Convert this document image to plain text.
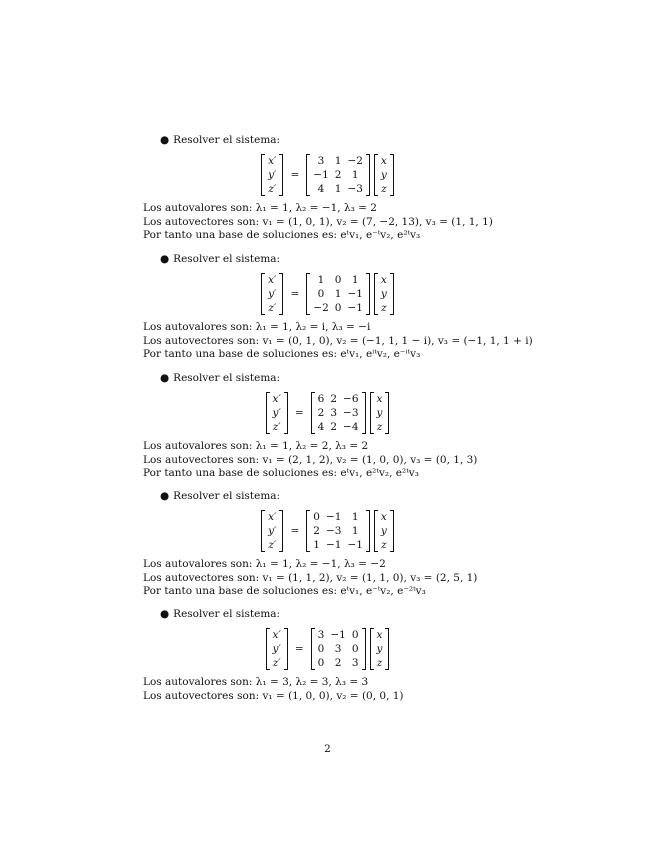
● Resolver el sistema:
x′
y′
z′
=
3	1	−2
−1	2	1
4	1	−3
x
y
z
Los autovalores son: λ₁ = 1, λ₂ = −1, λ₃ = 2
Los autovectores son: v₁ = (1, 0, 1), v₂ = (7, −2, 13), v₃ = (1, 1, 1)
Por tanto una base de soluciones es: eᵗv₁, e⁻ᵗv₂, e²ᵗv₃
● Resolver el sistema:
x′
y′
z′
=
1	0	1
0	1	−1
−2	0	−1
x
y
z
Los autovalores son: λ₁ = 1, λ₂ = i, λ₃ = −i
Los autovectores son: v₁ = (0, 1, 0), v₂ = (−1, 1, 1 − i), v₃ = (−1, 1, 1 + i)
Por tanto una base de soluciones es: eᵗv₁, eⁱᵗv₂, e⁻ⁱᵗv₃
● Resolver el sistema:
x′
y′
z′
=
6	2	−6
2	3	−3
4	2	−4
x
y
z
Los autovalores son: λ₁ = 1, λ₂ = 2, λ₃ = 2
Los autovectores son: v₁ = (2, 1, 2), v₂ = (1, 0, 0), v₃ = (0, 1, 3)
Por tanto una base de soluciones es: eᵗv₁, e²ᵗv₂, e²ᵗv₃
● Resolver el sistema:
x′
y′
z′
=
0	−1	1
2	−3	1
1	−1	−1
x
y
z
Los autovalores son: λ₁ = 1, λ₂ = −1, λ₃ = −2
Los autovectores son: v₁ = (1, 1, 2), v₂ = (1, 1, 0), v₃ = (2, 5, 1)
Por tanto una base de soluciones es: eᵗv₁, e⁻ᵗv₂, e⁻²ᵗv₃
● Resolver el sistema:
x′
y′
z′
=
3	−1	0
0	3	0
0	2	3
x
y
z
Los autovalores son: λ₁ = 3, λ₂ = 3, λ₃ = 3
Los autovectores son: v₁ = (1, 0, 0), v₂ = (0, 0, 1)
2
